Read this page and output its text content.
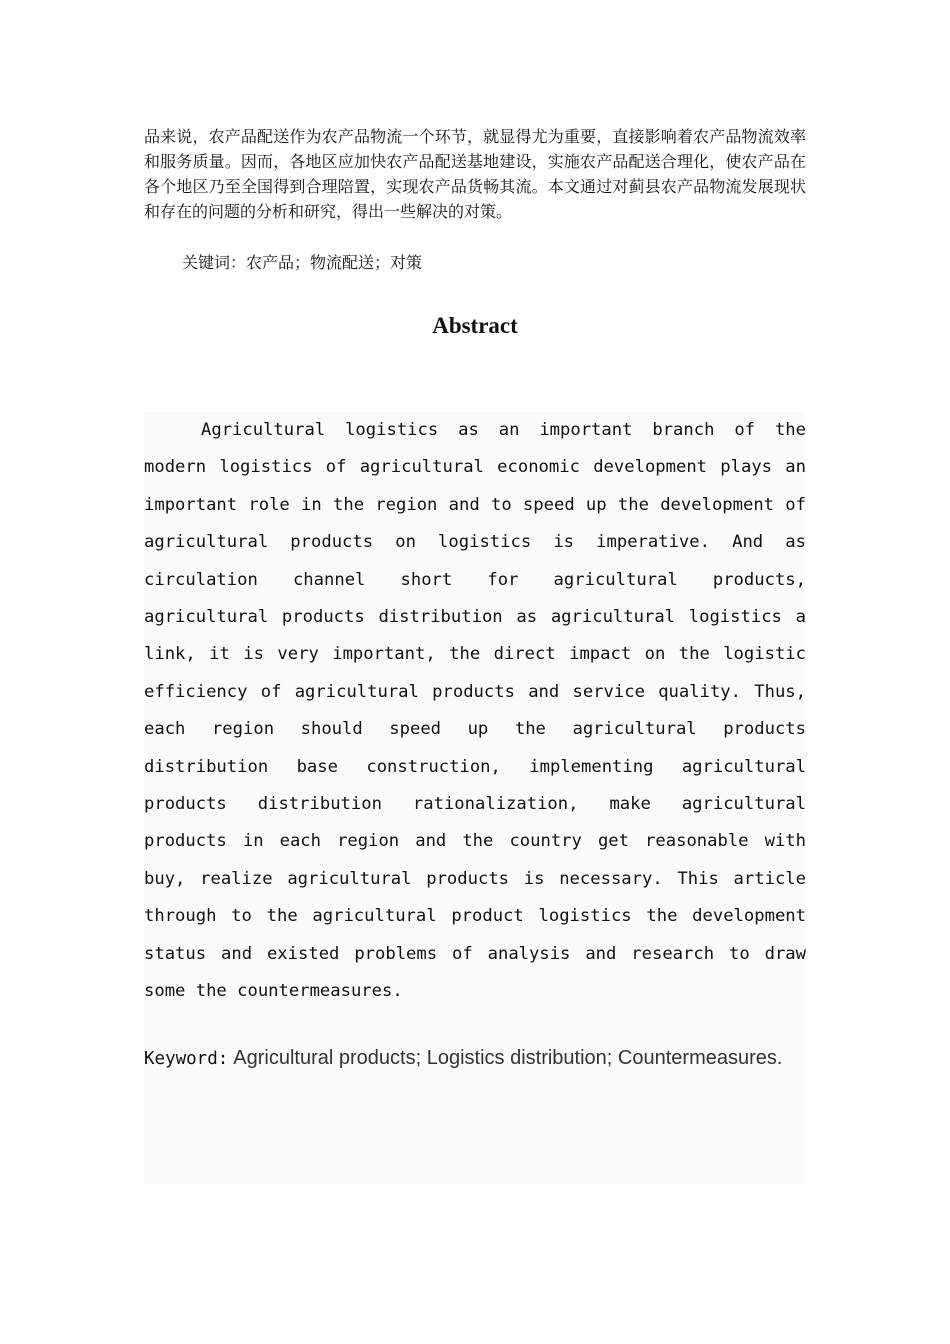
品来说，农产品配送作为农产品物流一个环节，就显得尤为重要，直接影响着农产品物流效率和服务质量。因而，各地区应加快农产品配送基地建设，实施农产品配送合理化，使农产品在各个地区乃至全国得到合理陪置，实现农产品货畅其流。本文通过对蓟县农产品物流发展现状和存在的问题的分析和研究，得出一些解决的对策。

关键词：农产品；物流配送；对策

Abstract

Agricultural logistics as an important branch of the modern logistics of agricultural economic development plays an important role in the region and to speed up the development of agricultural products on logistics is imperative. And as circulation channel short for agricultural products, agricultural products distribution as agricultural logistics a link, it is very important, the direct impact on the logistic efficiency of agricultural products and service quality. Thus, each region should speed up the agricultural products distribution base construction, implementing agricultural products distribution rationalization, make agricultural products in each region and the country get reasonable with buy, realize agricultural products is necessary. This article through to the agricultural product logistics the development status and existed problems of analysis and research to draw some the countermeasures.

Keyword: Agricultural products; Logistics distribution; Countermeasures.
